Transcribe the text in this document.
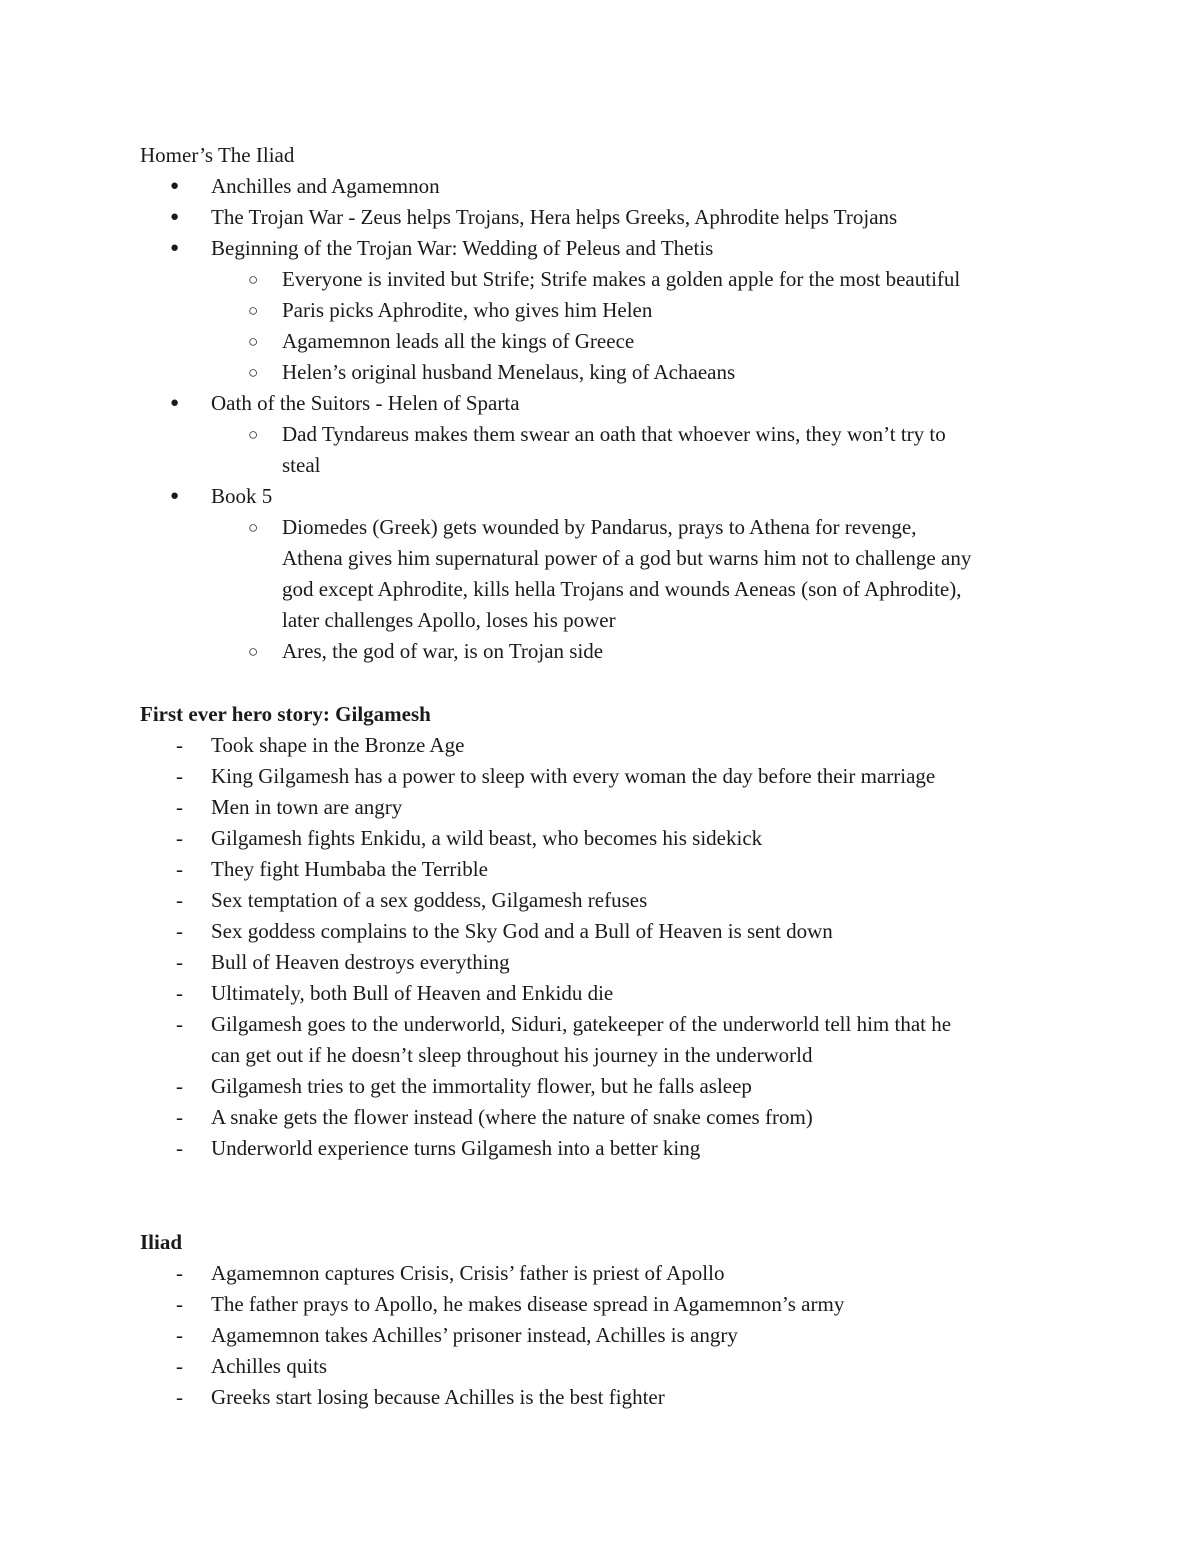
Homer’s The Iliad
● Anchilles and Agamemnon
● The Trojan War - Zeus helps Trojans, Hera helps Greeks, Aphrodite helps Trojans
● Beginning of the Trojan War: Wedding of Peleus and Thetis
○ Everyone is invited but Strife; Strife makes a golden apple for the most beautiful
○ Paris picks Aphrodite, who gives him Helen
○ Agamemnon leads all the kings of Greece
○ Helen’s original husband Menelaus, king of Achaeans
● Oath of the Suitors - Helen of Sparta
○ Dad Tyndareus makes them swear an oath that whoever wins, they won’t try to
steal
● Book 5
○ Diomedes (Greek) gets wounded by Pandarus, prays to Athena for revenge,
Athena gives him supernatural power of a god but warns him not to challenge any
god except Aphrodite, kills hella Trojans and wounds Aeneas (son of Aphrodite),
later challenges Apollo, loses his power
○ Ares, the god of war, is on Trojan side
First ever hero story: Gilgamesh
- Took shape in the Bronze Age
- King Gilgamesh has a power to sleep with every woman the day before their marriage
- Men in town are angry
- Gilgamesh fights Enkidu, a wild beast, who becomes his sidekick
- They fight Humbaba the Terrible
- Sex temptation of a sex goddess, Gilgamesh refuses
- Sex goddess complains to the Sky God and a Bull of Heaven is sent down
- Bull of Heaven destroys everything
- Ultimately, both Bull of Heaven and Enkidu die
- Gilgamesh goes to the underworld, Siduri, gatekeeper of the underworld tell him that he
can get out if he doesn’t sleep throughout his journey in the underworld
- Gilgamesh tries to get the immortality flower, but he falls asleep
- A snake gets the flower instead (where the nature of snake comes from)
- Underworld experience turns Gilgamesh into a better king
Iliad
- Agamemnon captures Crisis, Crisis’ father is priest of Apollo
- The father prays to Apollo, he makes disease spread in Agamemnon’s army
- Agamemnon takes Achilles’ prisoner instead, Achilles is angry
- Achilles quits
- Greeks start losing because Achilles is the best fighter
